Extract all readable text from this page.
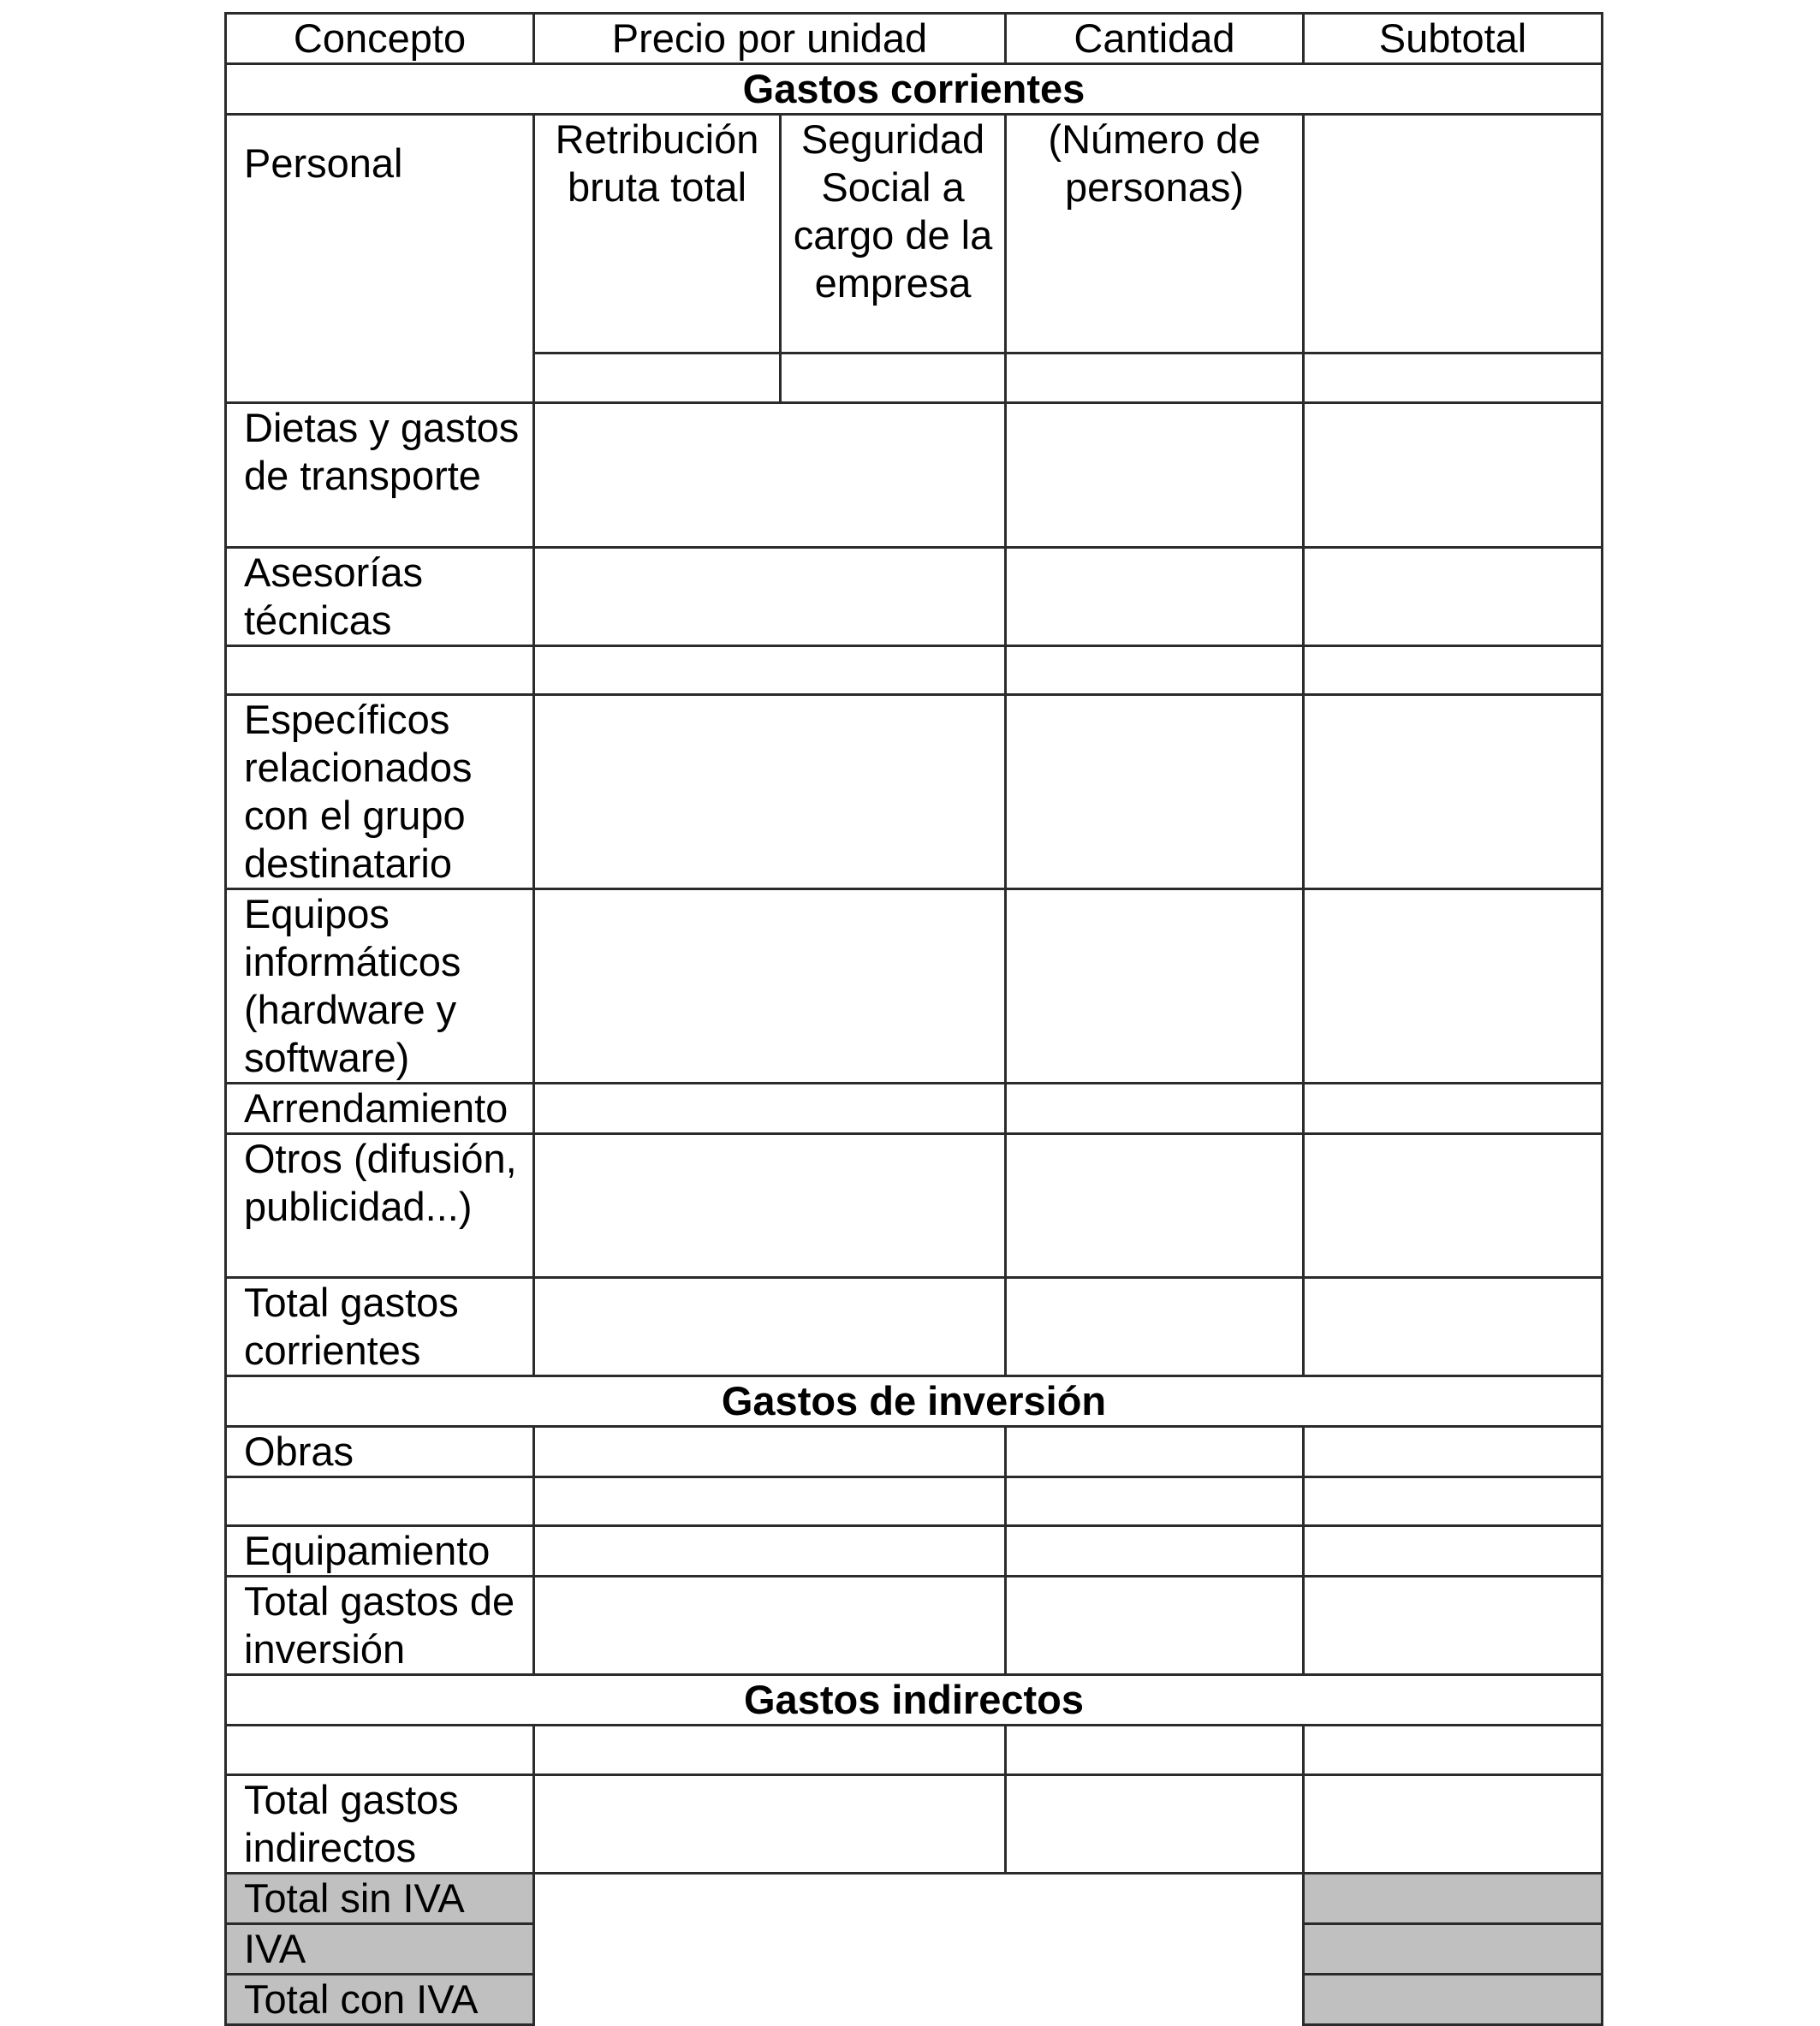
Concepto	Precio por unidad		Cantidad	Subtotal
Gastos corrientes				
Personal	Retribución bruta total	Seguridad Social a cargo de la empresa	(Número de personas)	

Dietas y gastos de transporte				
Asesorías técnicas				

Específicos relacionados con el grupo destinatario				
Equipos informáticos (hardware y software)				
Arrendamiento				
Otros (difusión, publicidad...)				
Total gastos corrientes				
Gastos de inversión				
Obras				

Equipamiento				
Total gastos de inversión				
Gastos indirectos				

Total gastos indirectos				
Total sin IVA				
IVA				
Total con IVA				
